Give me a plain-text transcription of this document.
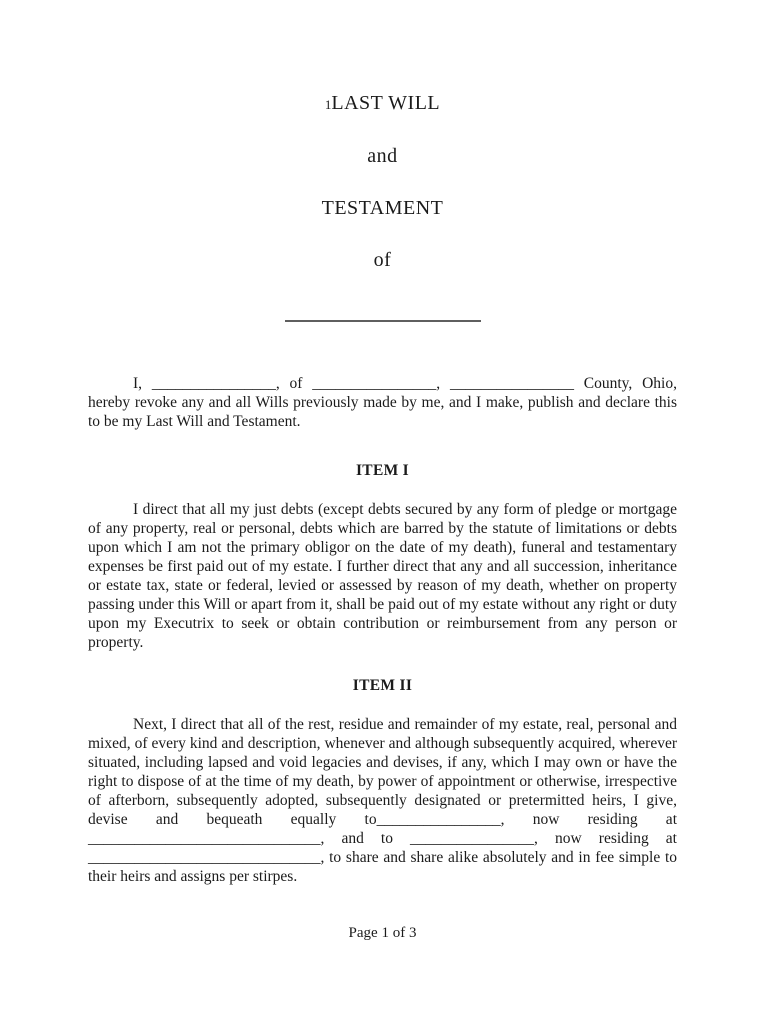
1LAST WILL
and
TESTAMENT
of

I, ________________, of ________________, ________________ County, Ohio, hereby revoke any and all Wills previously made by me, and I make, publish and declare this to be my Last Will and Testament.

ITEM I

I direct that all my just debts (except debts secured by any form of pledge or mortgage of any property, real or personal, debts which are barred by the statute of limitations or debts upon which I am not the primary obligor on the date of my death), funeral and testamentary expenses be first paid out of my estate. I further direct that any and all succession, inheritance or estate tax, state or federal, levied or assessed by reason of my death, whether on property passing under this Will or apart from it, shall be paid out of my estate without any right or duty upon my Executrix to seek or obtain contribution or reimbursement from any person or property.

ITEM II

Next, I direct that all of the rest, residue and remainder of my estate, real, personal and mixed, of every kind and description, whenever and although subsequently acquired, wherever situated, including lapsed and void legacies and devises, if any, which I may own or have the right to dispose of at the time of my death, by power of appointment or otherwise, irrespective of afterborn, subsequently adopted, subsequently designated or pretermitted heirs, I give, devise and bequeath equally to________________, now residing at ______________________________, and to ________________, now residing at ______________________________, to share and share alike absolutely and in fee simple to their heirs and assigns per stirpes.

Page 1 of 3
